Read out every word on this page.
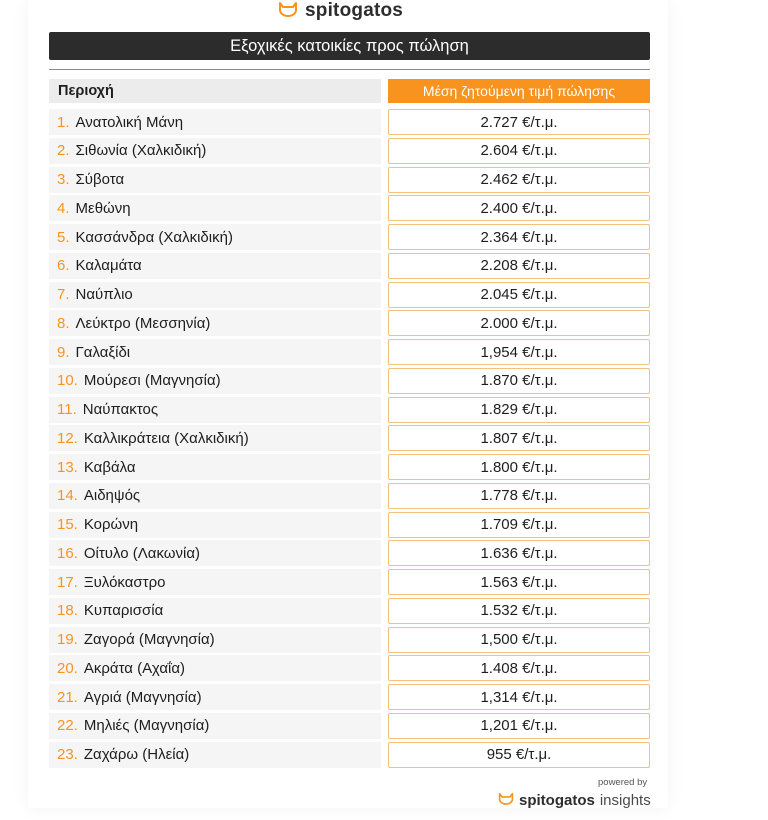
spitogatos
Εξοχικές κατοικίες προς πώληση
Περιοχή	Μέση ζητούμενη τιμή πώλησης
1. Ανατολική Μάνη	2.727 €/τ.μ.
2. Σιθωνία (Χαλκιδική)	2.604 €/τ.μ.
3. Σύβοτα	2.462 €/τ.μ.
4. Μεθώνη	2.400 €/τ.μ.
5. Κασσάνδρα (Χαλκιδική)	2.364 €/τ.μ.
6. Καλαμάτα	2.208 €/τ.μ.
7. Ναύπλιο	2.045 €/τ.μ.
8. Λεύκτρο (Μεσσηνία)	2.000 €/τ.μ.
9. Γαλαξίδι	1,954 €/τ.μ.
10. Μούρεσι (Μαγνησία)	1.870 €/τ.μ.
11. Ναύπακτος	1.829 €/τ.μ.
12. Καλλικράτεια (Χαλκιδική)	1.807 €/τ.μ.
13. Καβάλα	1.800 €/τ.μ.
14. Αιδηψός	1.778 €/τ.μ.
15. Κορώνη	1.709 €/τ.μ.
16. Οίτυλο (Λακωνία)	1.636 €/τ.μ.
17. Ξυλόκαστρο	1.563 €/τ.μ.
18. Κυπαρισσία	1.532 €/τ.μ.
19. Ζαγορά (Μαγνησία)	1,500 €/τ.μ.
20. Ακράτα (Αχαΐα)	1.408 €/τ.μ.
21. Αγριά (Μαγνησία)	1,314 €/τ.μ.
22. Μηλιές (Μαγνησία)	1,201 €/τ.μ.
23. Ζαχάρω (Ηλεία)	955 €/τ.μ.
powered by
spitogatos insights
